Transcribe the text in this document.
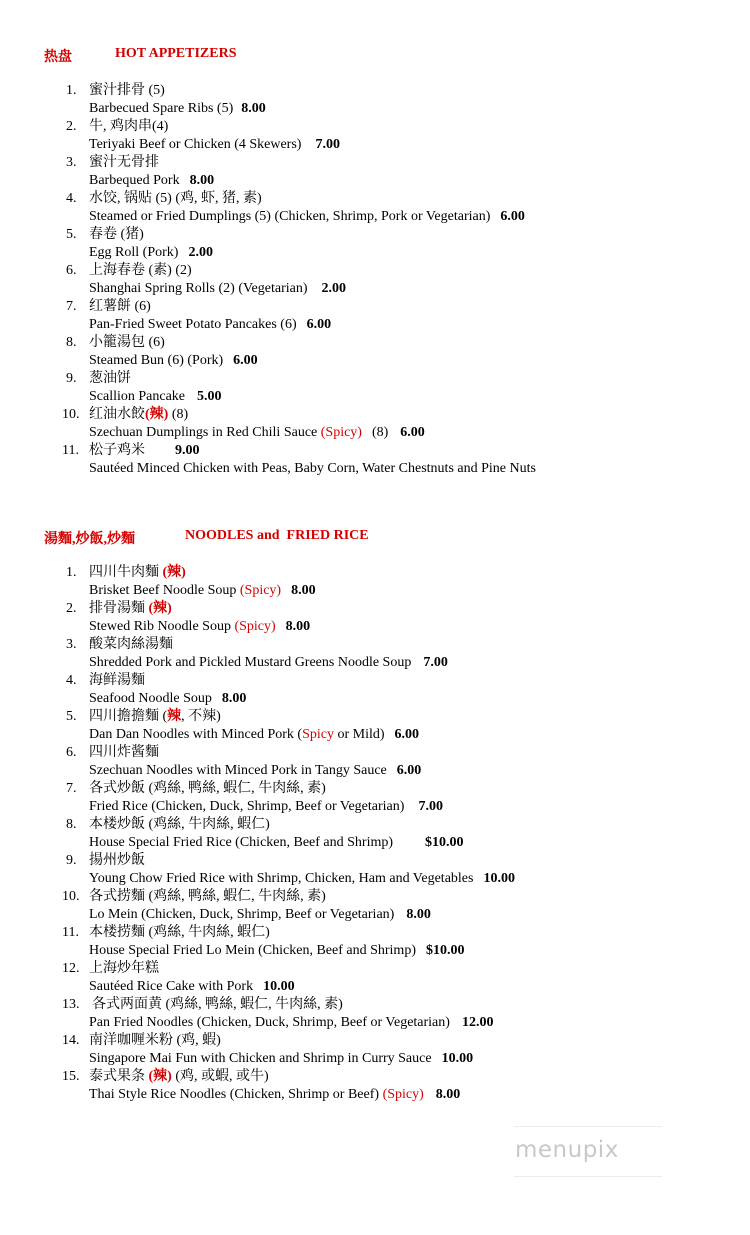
热盘	HOT APPETIZERS
1. 蜜汁排骨 (5)
Barbecued Spare Ribs (5) 8.00
2. 牛, 鸡肉串(4)
Teriyaki Beef or Chicken (4 Skewers) 7.00
3. 蜜汁无骨排
Barbequed Pork 8.00
4. 水饺, 锅贴 (5) (鸡, 虾, 猪, 素)
Steamed or Fried Dumplings (5) (Chicken, Shrimp, Pork or Vegetarian) 6.00
5. 春卷 (猪)
Egg Roll (Pork) 2.00
6. 上海春卷 (素) (2)
Shanghai Spring Rolls (2) (Vegetarian) 2.00
7. 红薯餅 (6)
Pan-Fried Sweet Potato Pancakes (6) 6.00
8. 小籠湯包 (6)
Steamed Bun (6) (Pork) 6.00
9. 葱油饼
Scallion Pancake 5.00
10. 红油水餃(辣) (8)
Szechuan Dumplings in Red Chili Sauce (Spicy) (8) 6.00
11. 松子鸡米 9.00
Sautéed Minced Chicken with Peas, Baby Corn, Water Chestnuts and Pine Nuts
湯麵,炒飯,炒麵	NOODLES and  FRIED RICE
1. 四川牛肉麵 (辣)
Brisket Beef Noodle Soup (Spicy) 8.00
2. 排骨湯麵 (辣)
Stewed Rib Noodle Soup (Spicy) 8.00
3. 酸菜肉絲湯麵
Shredded Pork and Pickled Mustard Greens Noodle Soup 7.00
4. 海鲜湯麵
Seafood Noodle Soup 8.00
5. 四川擔擔麵 (辣, 不辣)
Dan Dan Noodles with Minced Pork (Spicy or Mild) 6.00
6. 四川炸酱麵
Szechuan Noodles with Minced Pork in Tangy Sauce 6.00
7. 各式炒飯 (鸡絲, 鸭絲, 蝦仁, 牛肉絲, 素)
Fried Rice (Chicken, Duck, Shrimp, Beef or Vegetarian) 7.00
8. 本楼炒飯 (鸡絲, 牛肉絲, 蝦仁)
House Special Fried Rice (Chicken, Beef and Shrimp) $10.00
9. 揚州炒飯
Young Chow Fried Rice with Shrimp, Chicken, Ham and Vegetables 10.00
10. 各式捞麵 (鸡絲, 鸭絲, 蝦仁, 牛肉絲, 素)
Lo Mein (Chicken, Duck, Shrimp, Beef or Vegetarian) 8.00
11. 本楼捞麵 (鸡絲, 牛肉絲, 蝦仁)
House Special Fried Lo Mein (Chicken, Beef and Shrimp) $10.00
12. 上海炒年糕
Sautéed Rice Cake with Pork 10.00
13. 各式两面黄 (鸡絲, 鸭絲, 蝦仁, 牛肉絲, 素)
Pan Fried Noodles (Chicken, Duck, Shrimp, Beef or Vegetarian) 12.00
14. 南洋咖喱米粉 (鸡, 蝦)
Singapore Mai Fun with Chicken and Shrimp in Curry Sauce 10.00
15. 泰式果条 (辣) (鸡, 或蝦, 或牛)
Thai Style Rice Noodles (Chicken, Shrimp or Beef) (Spicy) 8.00
menupix
